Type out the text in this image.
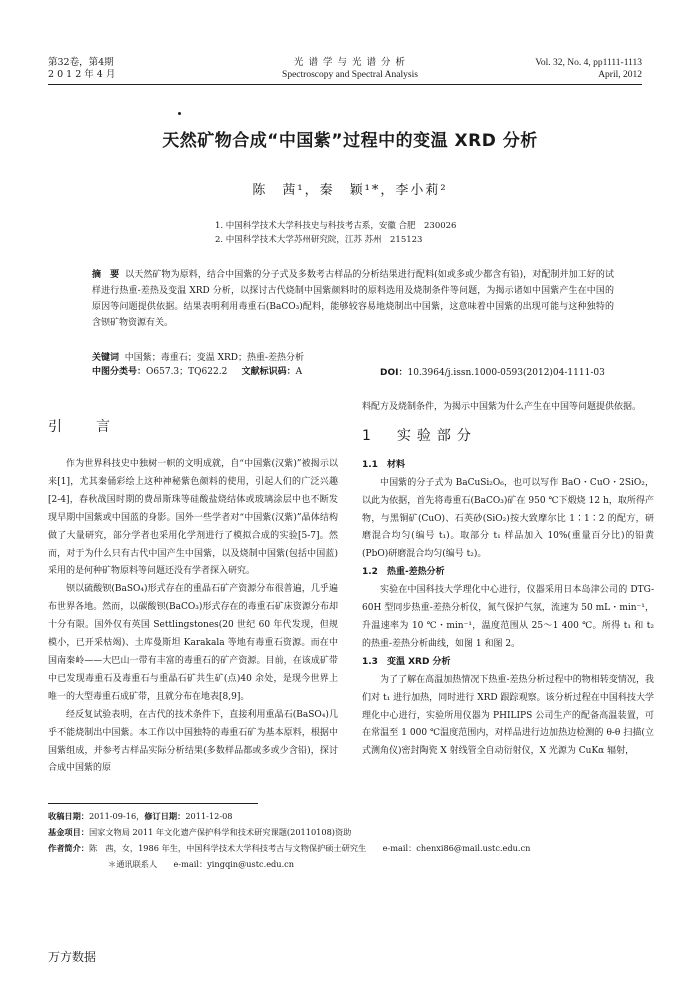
第32卷，第4期
2 0 1 2 年 4 月
光 谱 学 与 光 谱 分 析
Spectroscopy and Spectral Analysis
Vol. 32, No. 4, pp1111-1113
April, 2012
天然矿物合成“中国紫”过程中的变温 XRD 分析
陈　茜¹，秦　颖¹*，李小莉²
1. 中国科学技术大学科技史与科技考古系，安徽 合肥　230026
2. 中国科学技术大学苏州研究院，江苏 苏州　215123
摘　要 以天然矿物为原料，结合中国紫的分子式及多数考古样品的分析结果进行配料(如或多或少都含有铅)，对配制并加工好的试样进行热重-差热及变温 XRD 分析，以探讨古代烧制中国紫颜料时的原料选用及烧制条件等问题，为揭示诸如中国紫产生在中国的原因等问题提供依据。结果表明利用毒重石(BaCO₃)配料，能够较容易地烧制出中国紫，这意味着中国紫的出现可能与这种独特的含钡矿物资源有关。
关键词 中国紫；毒重石；变温 XRD；热重-差热分析
中图分类号：O657.3；TQ622.2 文献标识码：A	DOI：10.3964/j.issn.1000-0593(2012)04-1111-03
引　言

作为世界科技史中独树一帜的文明成就，自“中国紫(汉紫)”被揭示以来[1]，尤其秦俑彩绘上这种神秘紫色颜料的使用，引起人们的广泛兴趣[2-4]，春秋战国时期的费昂斯珠等硅酸盐烧结体或玻璃涂层中也不断发现早期中国紫或中国蓝的身影。国外一些学者对“中国紫(汉紫)”晶体结构做了大量研究，部分学者也采用化学剂进行了模拟合成的实验[5-7]。然而，对于为什么只有古代中国产生中国紫，以及烧制中国紫(包括中国蓝)采用的是何种矿物原料等问题还没有学者探入研究。

钡以硫酸钡(BaSO₄)形式存在的重晶石矿产资源分布很普遍，几乎遍布世界各地。然而，以碳酸钡(BaCO₃)形式存在的毒重石矿床资源分布却十分有限。国外仅有英国 Settlingstones(20 世纪 60 年代发现，但规模小，已开采枯竭)、土库曼斯坦 Karakala 等地有毒重石资源。而在中国南秦岭——大巴山一带有丰富的毒重石的矿产资源。目前，在该成矿带中已发现毒重石及毒重石与重晶石矿共生矿(点)40 余处，是现今世界上唯一的大型毒重石成矿带，且就分布在地表[8,9]。

经反复试验表明，在古代的技术条件下，直接利用重晶石(BaSO₄)几乎不能烧制出中国紫。本工作以中国独特的毒重石矿为基本原料，根据中国紫组成，并参考古样品实际分析结果(多数样品都或多或少含铅)，探讨合成中国紫的原

料配方及烧制条件，为揭示中国紫为什么产生在中国等问题提供依据。

1　实验部分

1.1　材料

中国紫的分子式为 BaCuSi₂O₆，也可以写作 BaO・CuO・2SiO₂，以此为依据，首先将毒重石(BaCO₃)矿在 950 ℃下煅烧 12 h，取所得产物，与黑铜矿(CuO)、石英砂(SiO₂)按大致摩尔比 1∶1∶2 的配方，研磨混合均匀(编号 t₁)。取部分 t₁ 样品加入 10%(重量百分比)的铅黄(PbO)研磨混合均匀(编号 t₂)。

1.2　热重-差热分析

实验在中国科技大学理化中心进行，仪器采用日本岛津公司的 DTG-60H 型同步热重-差热分析仪，氮气保护气氛，流速为 50 mL・min⁻¹，升温速率为 10 ℃・min⁻¹，温度范围从 25～1 400 ℃。所得 t₁ 和 t₂ 的热重-差热分析曲线，如图 1 和图 2。

1.3　变温 XRD 分析

为了了解在高温加热情况下热重-差热分析过程中的物相转变情况，我们对 t₁ 进行加热，同时进行 XRD 跟踪观察。该分析过程在中国科技大学理化中心进行，实验所用仪器为 PHILIPS 公司生产的配备高温装置，可在常温至 1 000 ℃温度范围内，对样品进行边加热边检测的 θ-θ 扫描(立式测角仪)密封陶瓷 X 射线管全自动衍射仪，X 光源为 CuKα 辐射，

收稿日期：2011-09-16，修订日期：2011-12-08
基金项目：国家文物局 2011 年文化遗产保护科学和技术研究课题(20110108)资助
作者简介：陈　茜，女，1986 年生，中国科学技术大学科技考古与文物保护硕士研究生　　e-mail：chenxi86@mail.ustc.edu.cn
＊通讯联系人　　e-mail：yingqin@ustc.edu.cn
万方数据
